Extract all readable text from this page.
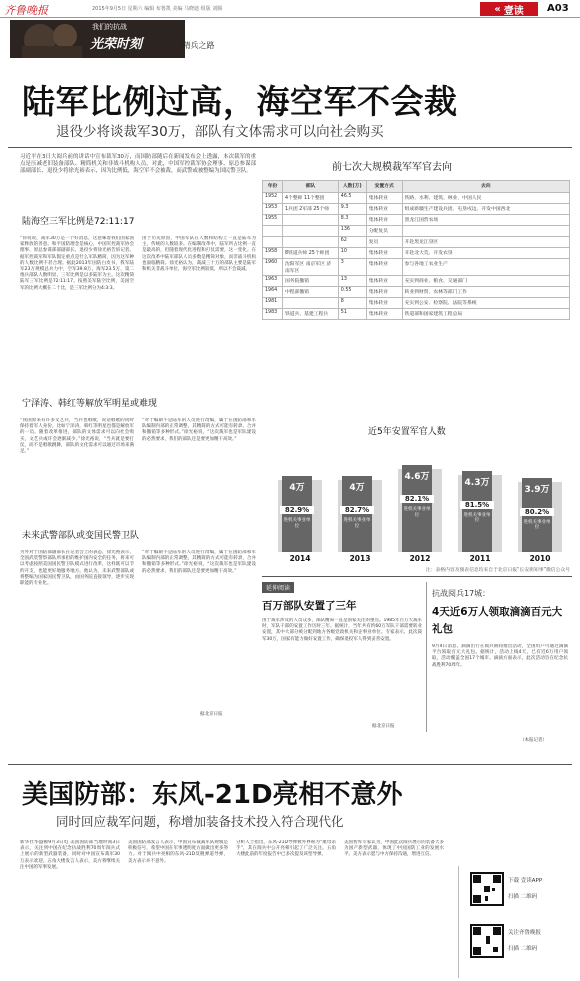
齐鲁晚报	2015年9月5日 星期六 编辑 布鲁凯 美编 马晓迪 组版 刘腾	« 壹读 A03
我们的抗战
光荣时刻	·精兵之路
陆军比例过高，海空军不会裁
退役少将谈裁军30万，部队有文体需求可以向社会购买
习近平在3日大阅兵前的讲话中宣布裁军30万，而国防部随后在新闻发布会上透露，本次裁军的重点是压减老旧装备部队、精简机关和非战斗机构人员。对此，中国军控裁军协会理事、原总参谋部部副部长、退役少将徐光裕表示，因为比例低，海空军不会被裁，而武警或被整编为国民警卫队。
陆海空三军比例是72:11:17
“你说说，裁军30万是一个好消息，这意味着我们国家国家释放的善意。和平国防理念是核心，中国军控裁军协会理事、原总参谋部部副部长、退役少将徐光裕告诉记者。据军控裁军和军队假定重点是什么军队精简，因为这军种的人数比例不甚合理。据此2013年国防白皮书，我军陆军23万规模总兵力中，空军39.8万，海军23.5万，第二炮兵部队人数明显，三军比例是以多陆军为主。这次精简陆军三军比例是72:11:17。按照美军陆空比例，美国空军的比例大概在二十比，是三军比例分为4:3:3。
由于历史原因，中国军队在人数和结构上一直是陆军为主，传统的人数较多。在编制改革中，陆军所占比例一直是最高的，但随着现代化进程和打仗需要，这一变化。在这次改革中陆军部队人员多数是精简对象，而非战斗机构也面临精简。徐光裕认为，裁减三十万的部队主要是陆军和机关非战斗单位，海空军比例较低，所以不会裁减。
宁泽涛、韩红等解放军明星或难现
“我国原来有许多文艺兵，当兵也唱歌，说话唱歌的同时保持着军人身份。比如宁泽涛，韩红等明星也都是解放军的一员。随着改革推进，部队的文体需求可以向社会购买，文艺兵或许会逐渐减少。”徐光裕说，“当兵就是要打仗，而不是唱歌跳舞，部队的文化需求可以通过市场来满足。”
“对于编制不是陆军的人员进行改编，属于在国防部和军队编制内部的正常调整，其精简的方式可能有转隶、合并和撤销等多种形式。”徐光裕说，“这次裁军也是军队建设的必然要求，我们的部队还是要更加精干高效。”
未来武警部队或变国民警卫队
另外对于国防部副部长在记者会上的表态，徐光裕表示，全国武装警察部队所承担的维护国内安全的任务，将来可以考虑按照美国国民警卫队模式进行改革，这样既可以节约开支，也能更好地服务地方。他认为，未来武警部队或将整编为国家国民警卫队，由国务院直接领导，逐步实现职能的专业化。
“对于编制不是陆军的人员进行改编，属于在国防部和军队编制内部的正常调整，其精简的方式可能有转隶、合并和撤销等多种形式。”徐光裕说，“这次裁军也是军队建设的必然要求，我们的部队还是要更加精干高效。”
据北京日报
前七次大规模裁军军官去向
年份	部队	人数(万)	安置方式	去向
1952	4个整师 11个整团	46.5	集体转业	铁路、水利、建筑、林业、中国人民
1953	1兵团 2军部 25个师	9.3	集体转业	组成新疆生产建设兵团、屯垦戍边、开发中国西北
1955		8.3	集体转业	黑龙江国营农场
		136	分配复员	
		62	复员	开赴黑龙江垦区
1958	8铁道兵师 25个师团	10	集体转业	开赴北大荒、开发农垦
1960	沈阳军区 南京军区 济南军区	3	集体转业	参与各地工农业生产
1963	国务院撤销	13	集体转业	充实到商业、粮食、交通部门
1964	中程部撤销	0.55	集体转业	转业到财贸、农林等部门工作
1981		8	集体转业	充实到公安、检察院、法院等系统
1983	铁道兵、基建工程兵	51	集体转业	铁道部和国家建筑工程总局
近5年安置军官人数
4万
82.9%
进机关事业单位
2014
4万
82.7%
进机关事业单位
2013
4.6万
82.1%
进机关事业单位
2012
4.3万
81.5%
进机关事业单位
2011
3.9万
80.2%
进机关事业单位
2010
注：表格内容及图表信息均来自于北京日报“长安街知事”微信公众号
延伸阅读
百万部队安置了三年
由于裁军涉及的人员众多，部队精简一直是国家关注的重点。1985年百万大裁军时，军队干部的安置工作历时三年。据统计，当年共有约60万军队干部需要转业安置，其中大部分被分配到地方各级党政机关和企事业单位。专家表示，此次裁军30万，国家有能力做好安置工作，确保退役军人得到妥善安置。
据北京日报
抗战阅兵17城：
4天近6万人领取滴滴百元大礼包
9月4日消息，滴滴出行在阅兵期间推出活动，全国用户可通过滴滴平台领取百元大礼包。据统计，活动上线4天，已有近6万用户领取，活动覆盖全国17个城市。滴滴方面表示，此次活动旨在纪念抗战胜利70周年。
（本报记者）
美国防部：东风-21D亮相不意外
同时回应裁军问题，称增加装备技术投入符合现代化
新华社华盛顿9月3日电 美国国防部当地时间3日表示，关注到中国在纪念抗战胜利70周年阅兵式上展示的新型武器装备，同时对中国宣布裁军30万表示欢迎。五角大楼发言人表示，美方将继续关注中国的军事发展。
美国国防部发言人表示，中国宣布裁减军队规模是积极信号，希望中国在军事透明度方面做出更多努力。对于阅兵中亮相的东风-21D反舰弹道导弹，美方表示并不意外。
分析人士指出，东风-21D导弹被外界称为“航母杀手”，其在阅兵中公开亮相引起了广泛关注。五角大楼此前的年度报告中已多次提及该型导弹。
美国智库专家认为，中国此次阅兵展示的装备大多为国产新型武器，体现了中国国防工业的发展水平。美方表示愿与中方保持沟通，增进互信。
下载 壹读APP
扫描 二维码
关注齐鲁晚报
扫描 二维码
